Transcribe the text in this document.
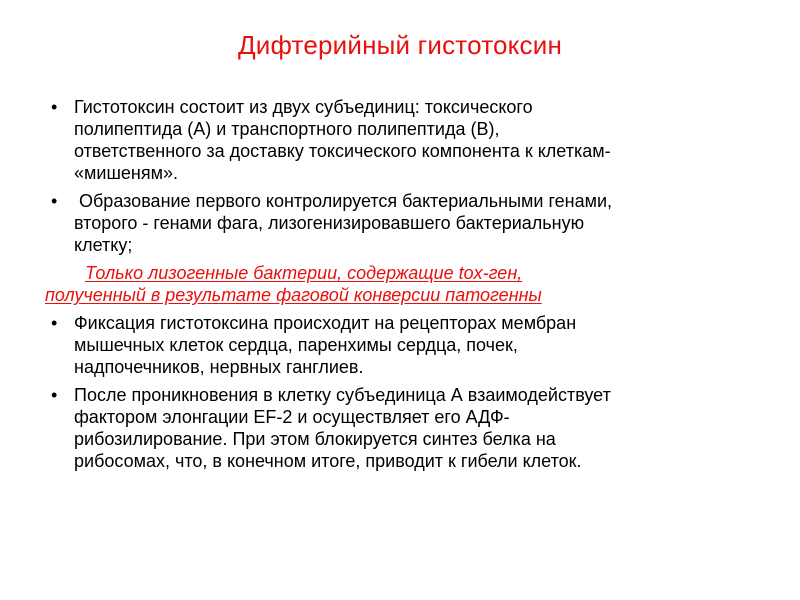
Дифтерийный гистотоксин
• Гистотоксин состоит из двух субъединиц: токсического
полипептида (А) и транспортного полипептида (В),
ответственного за доставку токсического компонента к клеткам-
«мишеням».
• Образование первого контролируется бактериальными генами,
второго - генами фага, лизогенизировавшего бактериальную
клетку;
Только лизогенные бактерии, содержащие tox-ген,
полученный в результате фаговой конверсии патогенны
• Фиксация гистотоксина происходит на рецепторах мембран
мышечных клеток сердца, паренхимы сердца, почек,
надпочечников, нервных ганглиев.
• После проникновения в клетку субъединица А взаимодействует
фактором элонгации EF-2 и осуществляет его АДФ-
рибозилирование. При этом блокируется синтез белка на
рибосомах, что, в конечном итоге, приводит к гибели клеток.
